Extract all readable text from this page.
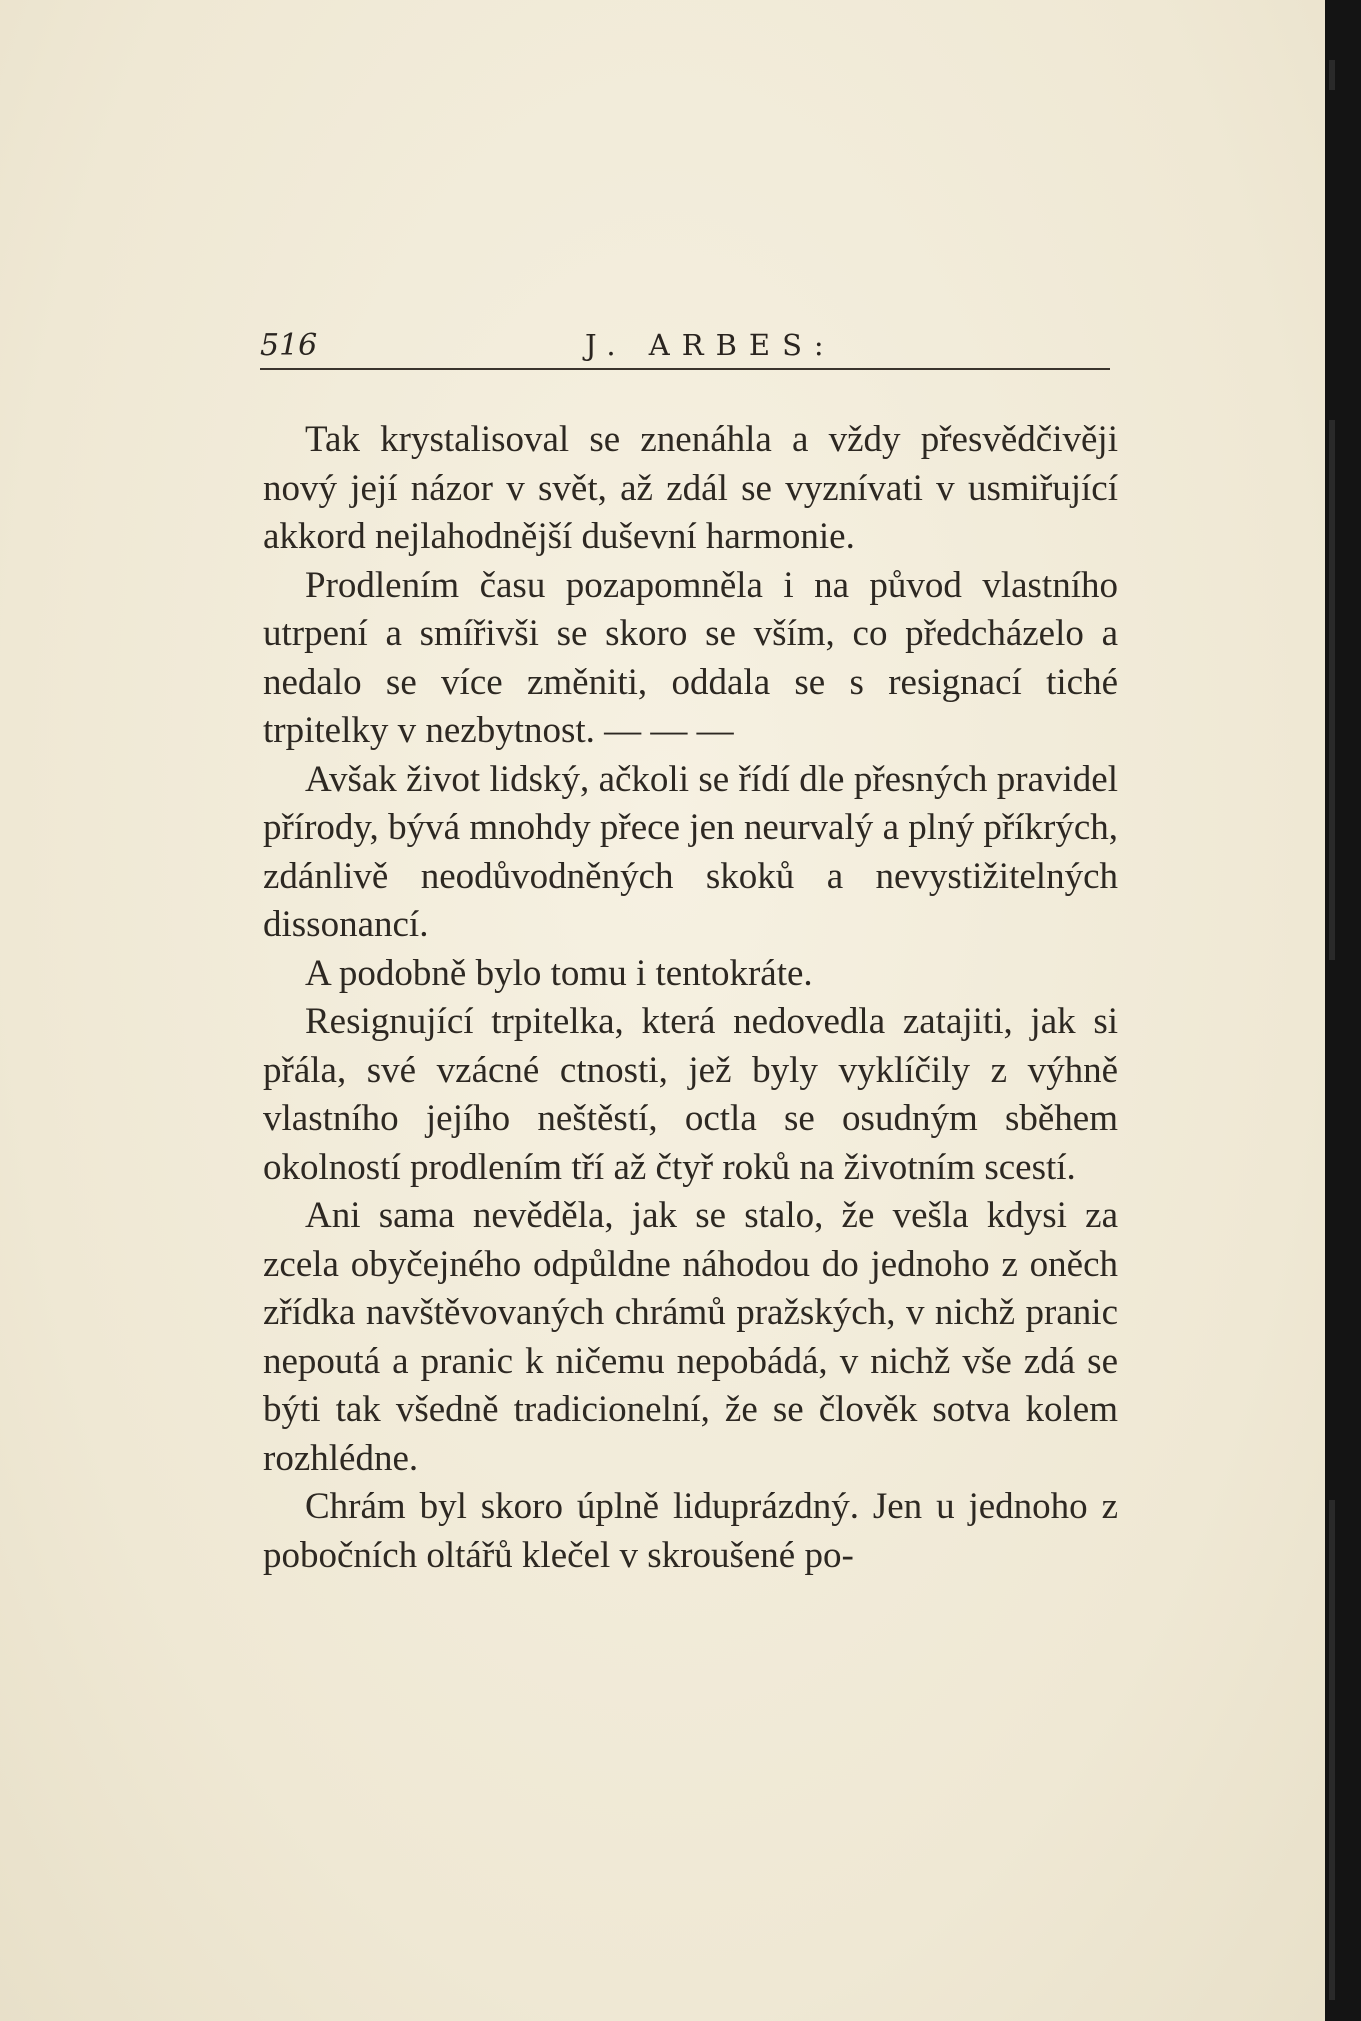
516	J. ARBES:

Tak krystalisoval se znenáhla a vždy přesvědčivěji nový její názor v svět, až zdál se vyznívati v usmiřující akkord nejlahodnější duševní harmonie.

Prodlením času pozapomněla i na původ vlastního utrpení a smířivši se skoro se vším, co předcházelo a nedalo se více změniti, oddala se s resignací tiché trpitelky v nezbytnost. — — —

Avšak život lidský, ačkoli se řídí dle přesných pravidel přírody, bývá mnohdy přece jen neurvalý a plný příkrých, zdánlivě neodůvodněných skoků a nevystižitelných dissonancí.

A podobně bylo tomu i tentokráte.

Resignující trpitelka, která nedovedla zatajiti, jak si přála, své vzácné ctnosti, jež byly vyklíčily z výhně vlastního jejího neštěstí, octla se osudným sběhem okolností prodlením tří až čtyř roků na životním scestí.

Ani sama nevěděla, jak se stalo, že vešla kdysi za zcela obyčejného odpůldne náhodou do jednoho z oněch zřídka navštěvovaných chrámů pražských, v nichž pranic nepoutá a pranic k ničemu nepobádá, v nichž vše zdá se býti tak všedně tradicionelní, že se člověk sotva kolem rozhlédne.

Chrám byl skoro úplně liduprázdný. Jen u jednoho z pobočních oltářů klečel v skroušené po-
